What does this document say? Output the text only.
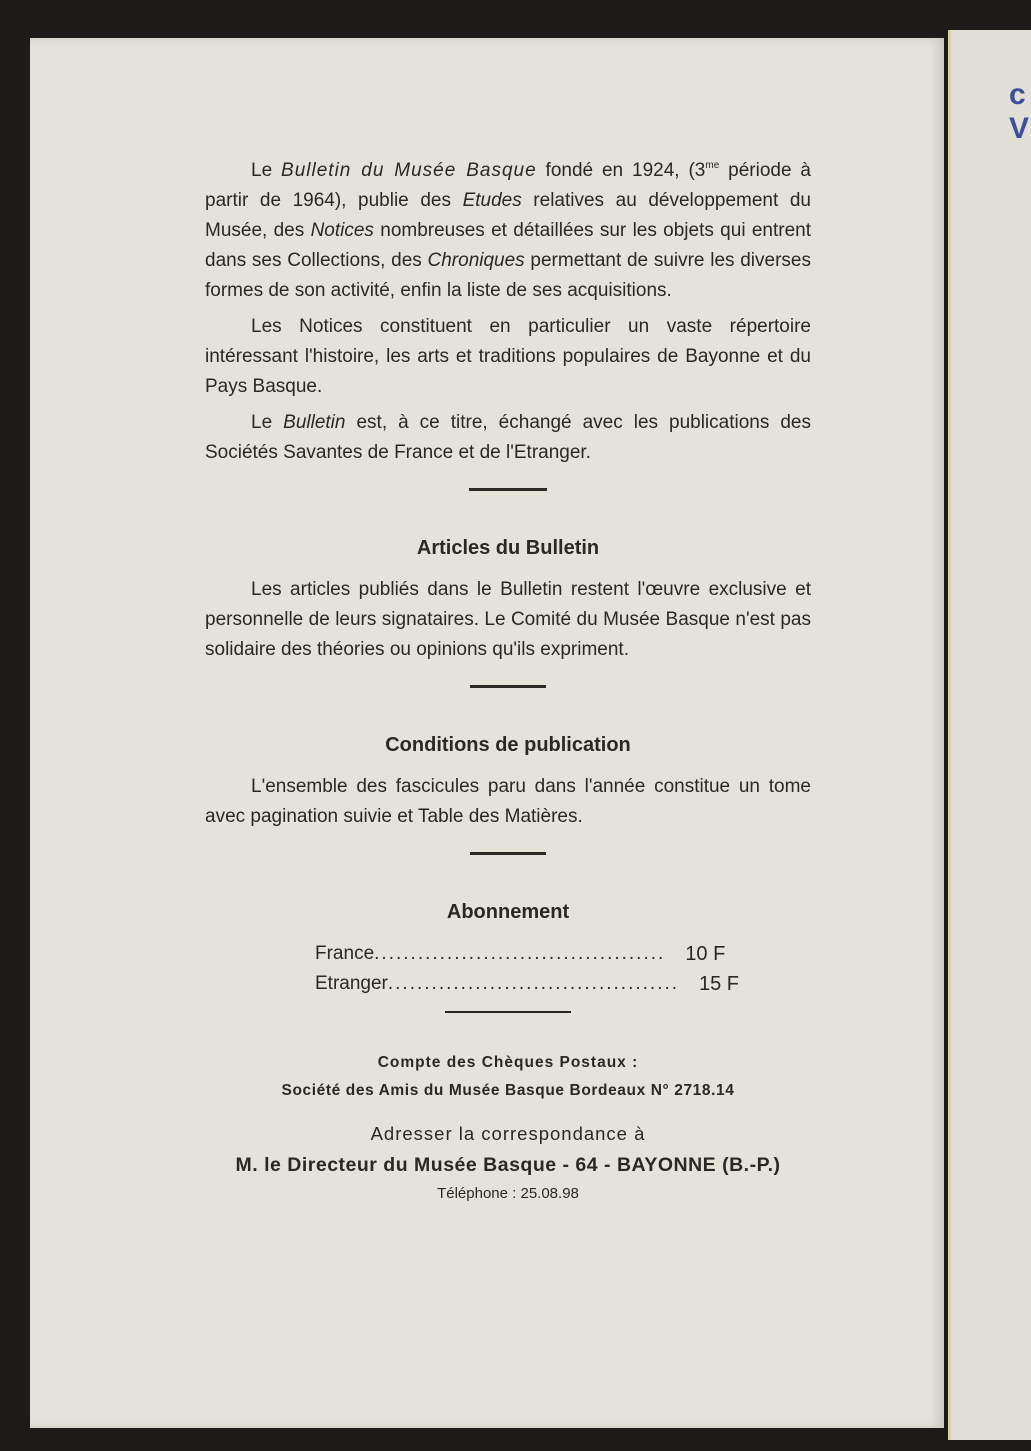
c
V

Le Bulletin du Musée Basque fondé en 1924, ($3^{me}$ période à partir de 1964), publie des Etudes relatives au développement du Musée, des Notices nombreuses et détaillées sur les objets qui entrent dans ses Collections, des Chroniques permettant de suivre les diverses formes de son activité, enfin la liste de ses acquisitions.

Les Notices constituent en particulier un vaste répertoire intéressant l'histoire, les arts et traditions populaires de Bayonne et du Pays Basque.

Le Bulletin est, à ce titre, échangé avec les publications des Sociétés Savantes de France et de l'Etranger.

Articles du Bulletin

Les articles publiés dans le Bulletin restent l'œuvre exclusive et personnelle de leurs signataires. Le Comité du Musée Basque n'est pas solidaire des théories ou opinions qu'ils expriment.

Conditions de publication

L'ensemble des fascicules paru dans l'année constitue un tome avec pagination suivie et Table des Matières.

Abonnement
France ........................................ 10 F
Etranger ........................................ 15 F
Compte des Chèques Postaux :
Société des Amis du Musée Basque Bordeaux N° 2718.14
Adresser la correspondance à
M. le Directeur du Musée Basque - 64 - BAYONNE (B.-P.)
Téléphone : 25.08.98
